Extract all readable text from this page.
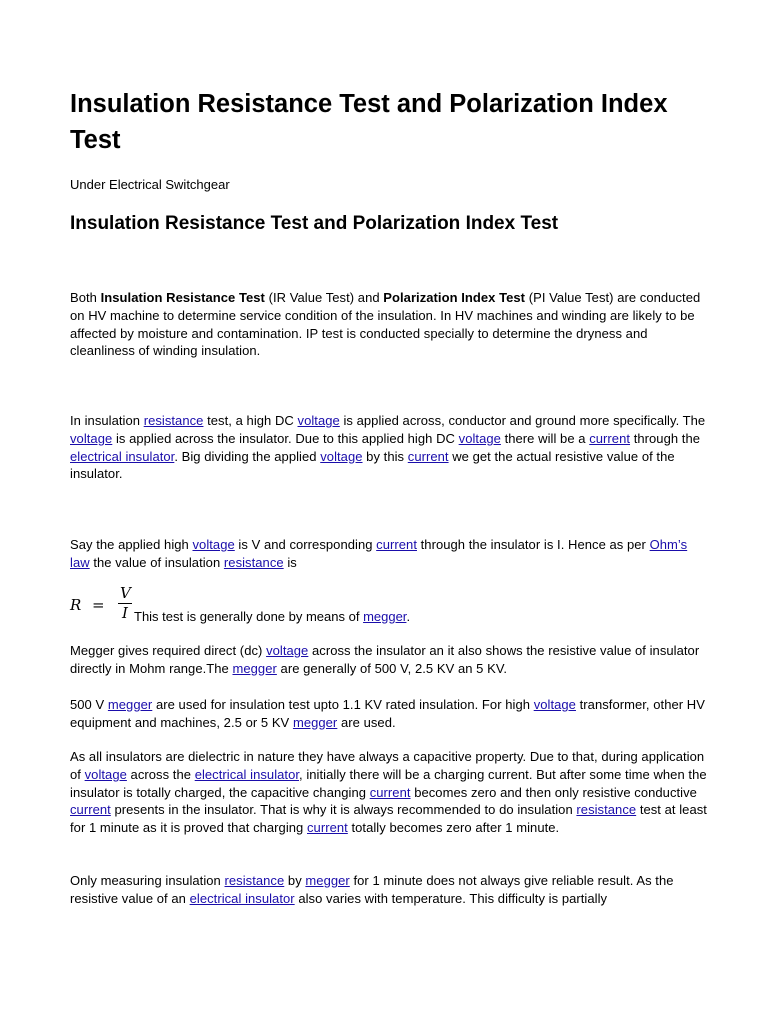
Insulation Resistance Test and Polarization Index Test
Under Electrical Switchgear
Insulation Resistance Test and Polarization Index Test

Both Insulation Resistance Test (IR Value Test) and Polarization Index Test (PI Value Test) are conducted on HV machine to determine service condition of the insulation. In HV machines and winding are likely to be affected by moisture and contamination. IP test is conducted specially to determine the dryness and cleanliness of winding insulation.

In insulation resistance test, a high DC voltage is applied across, conductor and ground more specifically. The voltage is applied across the insulator. Due to this applied high DC voltage there will be a current through the electrical insulator. Big dividing the applied voltage by this current we get the actual resistive value of the insulator.

Say the applied high voltage is V and corresponding current through the insulator is I. Hence as per Ohm’s law the value of insulation resistance is

R =
V
I This test is generally done by means of megger.

Megger gives required direct (dc) voltage across the insulator an it also shows the resistive value of insulator directly in Mohm range.The megger are generally of 500 V, 2.5 KV an 5 KV.

500 V megger are used for insulation test upto 1.1 KV rated insulation. For high voltage transformer, other HV equipment and machines, 2.5 or 5 KV megger are used.

As all insulators are dielectric in nature they have always a capacitive property. Due to that, during application of voltage across the electrical insulator, initially there will be a charging current. But after some time when the insulator is totally charged, the capacitive changing current becomes zero and then only resistive conductive current presents in the insulator. That is why it is always recommended to do insulation resistance test at least for 1 minute as it is proved that charging current totally becomes zero after 1 minute.

Only measuring insulation resistance by megger for 1 minute does not always give reliable result. As the resistive value of an electrical insulator also varies with temperature. This difficulty is partially
